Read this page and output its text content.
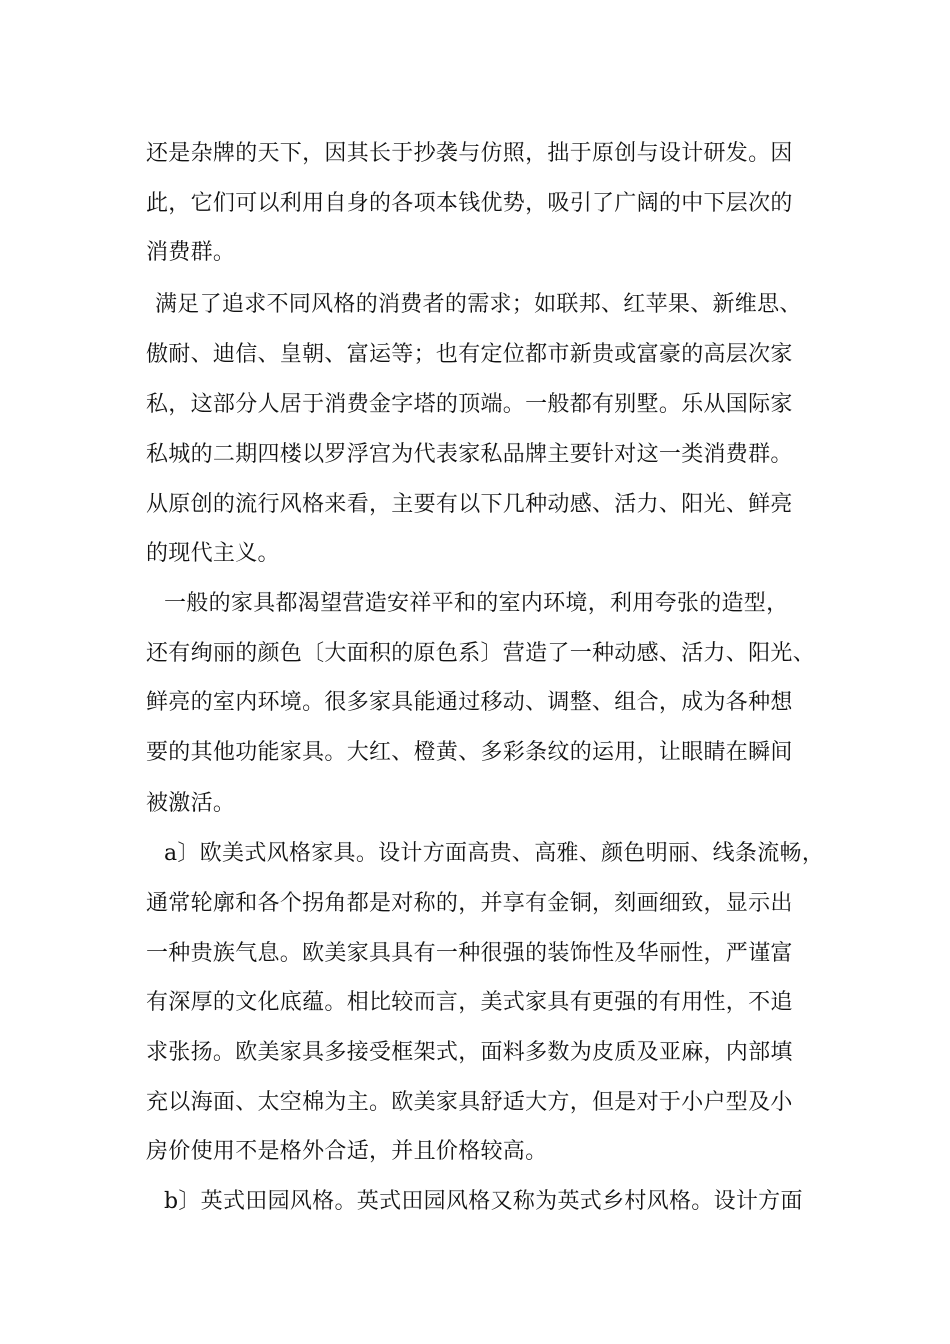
还是杂牌的天下，因其长于抄袭与仿照，拙于原创与设计研发。因
此，它们可以利用自身的各项本钱优势，吸引了广阔的中下层次的
消费群。
满足了追求不同风格的消费者的需求；如联邦、红苹果、新维思、
傲耐、迪信、皇朝、富运等；也有定位都市新贵或富豪的高层次家
私，这部分人居于消费金字塔的顶端。一般都有别墅。乐从国际家
私城的二期四楼以罗浮宫为代表家私品牌主要针对这一类消费群。
从原创的流行风格来看，主要有以下几种动感、活力、阳光、鲜亮
的现代主义。
一般的家具都渴望营造安祥平和的室内环境，利用夸张的造型，
还有绚丽的颜色〔大面积的原色系〕营造了一种动感、活力、阳光、
鲜亮的室内环境。很多家具能通过移动、调整、组合，成为各种想
要的其他功能家具。大红、橙黄、多彩条纹的运用，让眼睛在瞬间
被激活。
a〕欧美式风格家具。设计方面高贵、高雅、颜色明丽、线条流畅，
通常轮廓和各个拐角都是对称的，并享有金铜，刻画细致，显示出
一种贵族气息。欧美家具具有一种很强的装饰性及华丽性，严谨富
有深厚的文化底蕴。相比较而言，美式家具有更强的有用性，不追
求张扬。欧美家具多接受框架式，面料多数为皮质及亚麻，内部填
充以海面、太空棉为主。欧美家具舒适大方，但是对于小户型及小
房价使用不是格外合适，并且价格较高。
b〕英式田园风格。英式田园风格又称为英式乡村风格。设计方面
